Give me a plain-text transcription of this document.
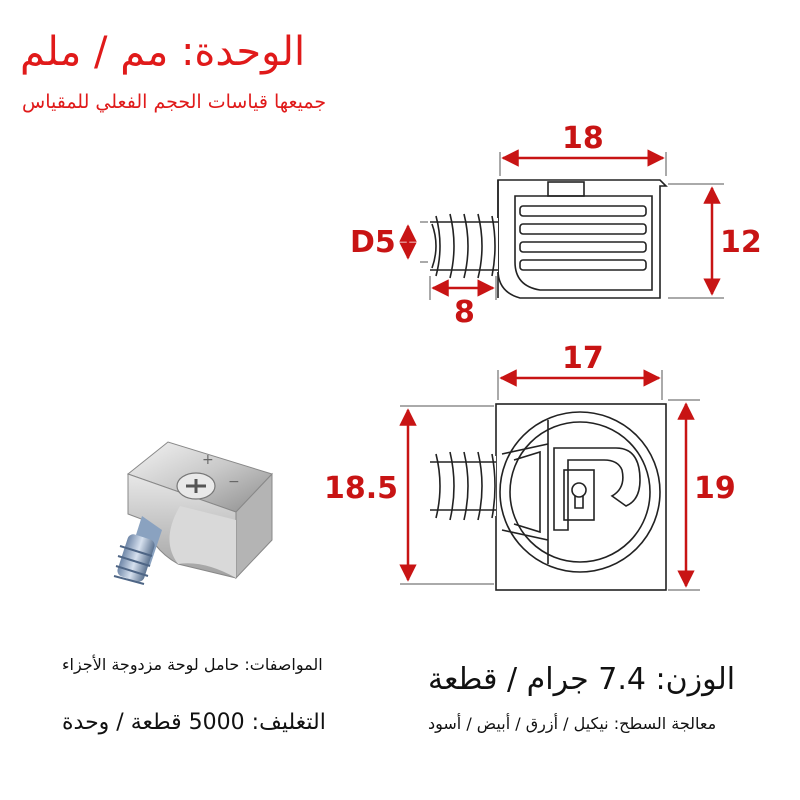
الوحدة: مم / ملم
جميعها قياسات الحجم الفعلي للمقياس
18
12
D5
8
17
18.5	19
+
−
المواصفات: حامل لوحة مزدوجة الأجزاء	الوزن: 7.4 جرام / قطعة
التغليف: 5000 قطعة / وحدة	معالجة السطح: نيكيل / أزرق / أبيض / أسود
